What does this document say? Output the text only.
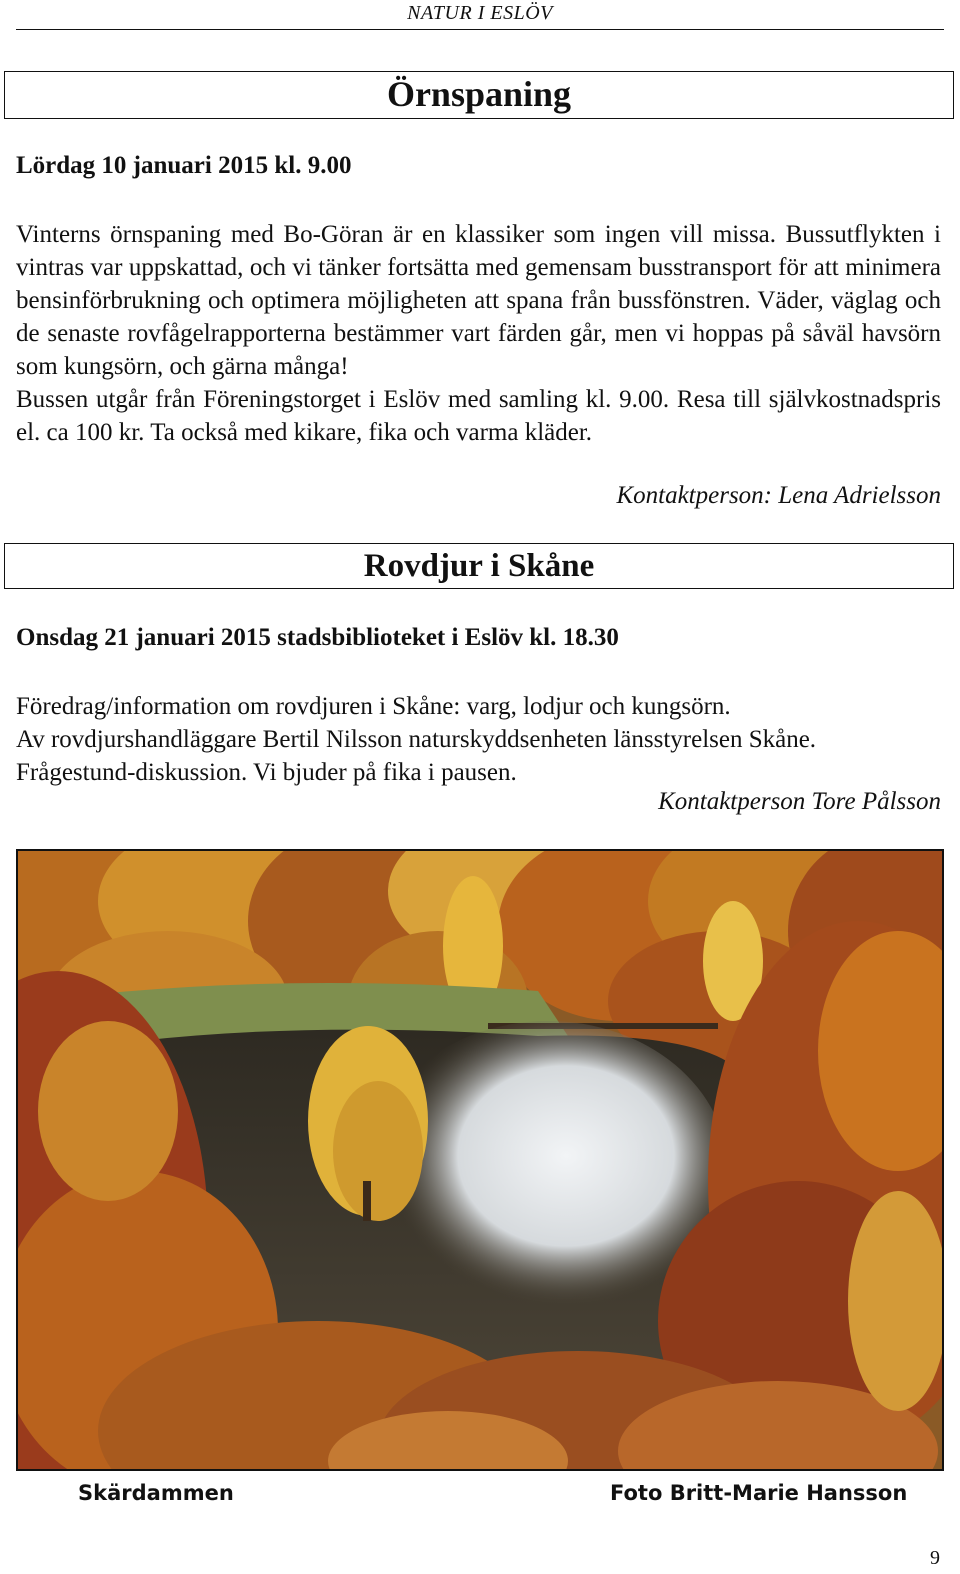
NATUR I ESLÖV
Örnspaning
Lördag 10 januari 2015 kl. 9.00

Vinterns örnspaning med Bo-Göran är en klassiker som ingen vill missa. Bussutflykten i vintras var uppskattad, och vi tänker fortsätta med gemensam busstransport för att minimera bensinförbrukning och optimera möjligheten att spana från bussfönstren. Väder, väglag och de senaste rovfågelrapporterna bestämmer vart färden går, men vi hoppas på såväl havsörn som kungsörn, och gärna många!

Bussen utgår från Föreningstorget i Eslöv med samling kl. 9.00. Resa till självkostnadspris el. ca 100 kr. Ta också med kikare, fika och varma kläder.

Kontaktperson: Lena Adrielsson
Rovdjur i Skåne
Onsdag 21 januari 2015 stadsbiblioteket i Eslöv kl. 18.30

Föredrag/information om rovdjuren i Skåne: varg, lodjur och kungsörn.

Av rovdjurshandläggare Bertil Nilsson naturskyddsenheten länsstyrelsen Skåne.

Frågestund-diskussion. Vi bjuder på fika i pausen.

Kontaktperson Tore Pålsson
Skärdammen	Foto Britt-Marie Hansson
9
